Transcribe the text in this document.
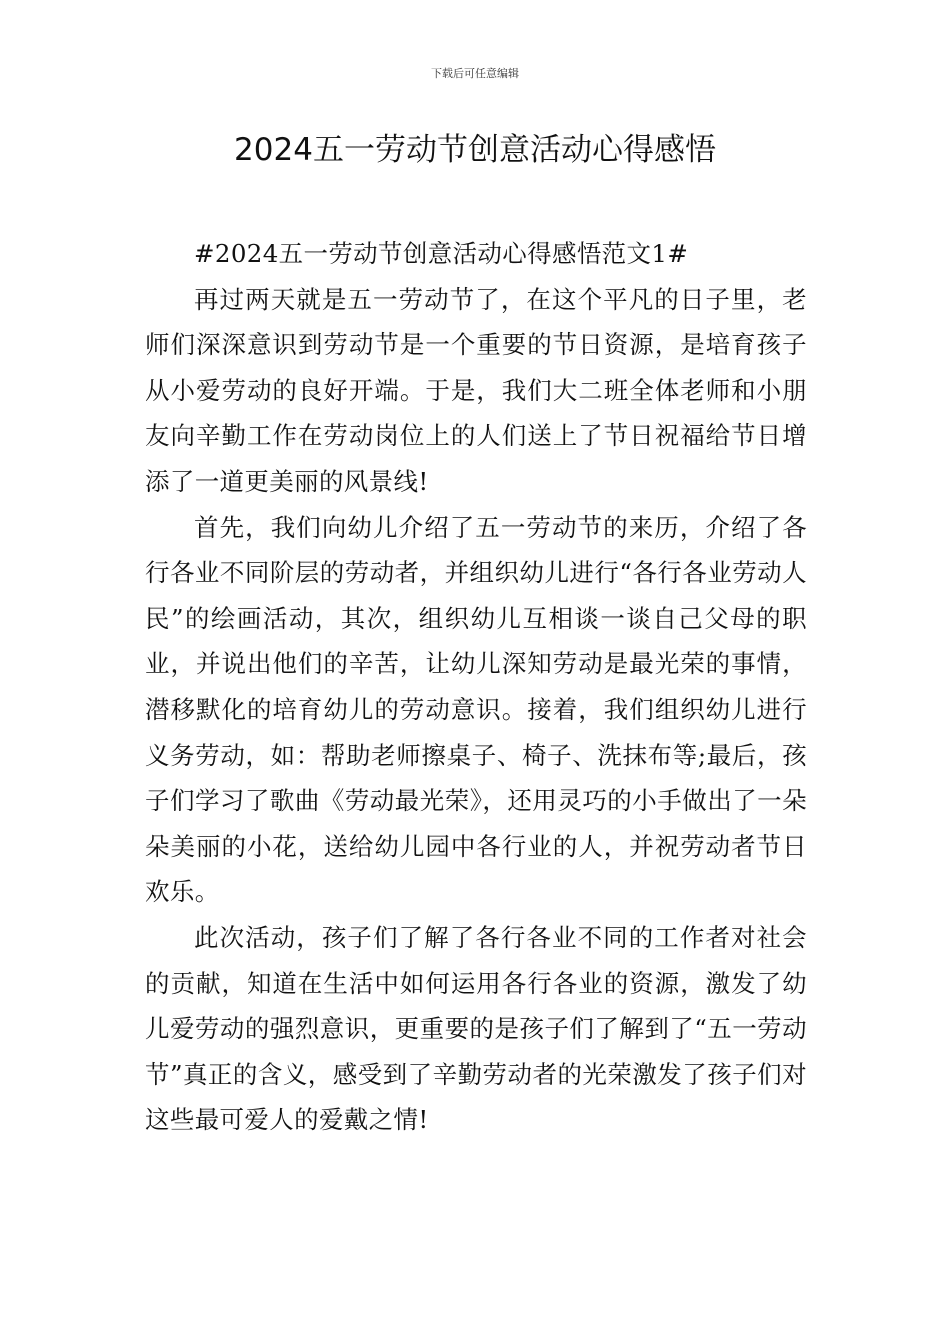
下载后可任意编辑
2024五一劳动节创意活动心得感悟

#2024五一劳动节创意活动心得感悟范文1#

再过两天就是五一劳动节了，在这个平凡的日子里，老师们深深意识到劳动节是一个重要的节日资源，是培育孩子从小爱劳动的良好开端。于是，我们大二班全体老师和小朋友向辛勤工作在劳动岗位上的人们送上了节日祝福给节日增添了一道更美丽的风景线!

首先，我们向幼儿介绍了五一劳动节的来历，介绍了各行各业不同阶层的劳动者，并组织幼儿进行“各行各业劳动人民”的绘画活动，其次，组织幼儿互相谈一谈自己父母的职业，并说出他们的辛苦，让幼儿深知劳动是最光荣的事情，潜移默化的培育幼儿的劳动意识。接着，我们组织幼儿进行义务劳动，如：帮助老师擦桌子、椅子、洗抹布等;最后，孩子们学习了歌曲《劳动最光荣》，还用灵巧的小手做出了一朵朵美丽的小花，送给幼儿园中各行业的人，并祝劳动者节日欢乐。

此次活动，孩子们了解了各行各业不同的工作者对社会的贡献，知道在生活中如何运用各行各业的资源，激发了幼儿爱劳动的强烈意识，更重要的是孩子们了解到了“五一劳动节”真正的含义，感受到了辛勤劳动者的光荣激发了孩子们对这些最可爱人的爱戴之情!
